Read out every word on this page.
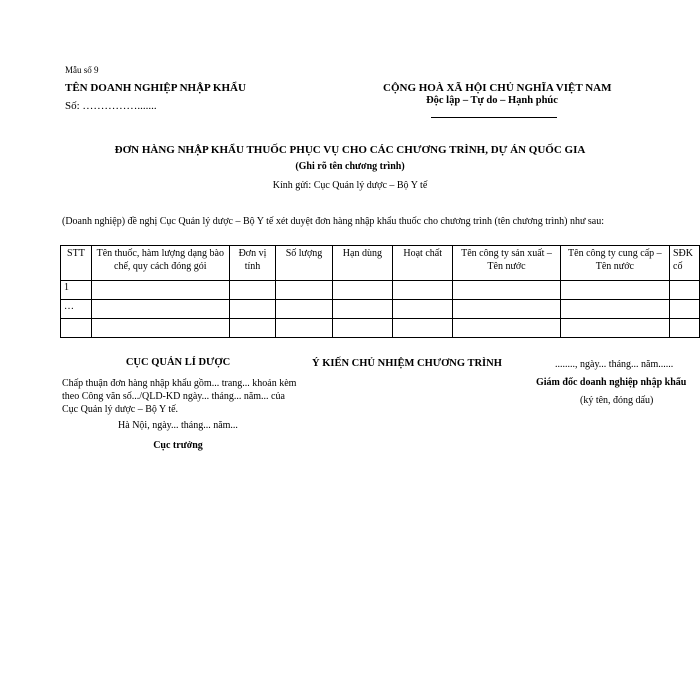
Mẫu số 9
TÊN DOANH NGHIỆP NHẬP KHẨU
Số: …………….......
CỘNG HOÀ XÃ HỘI CHỦ NGHĨA VIỆT NAM
Độc lập – Tự do – Hạnh phúc
ĐƠN HÀNG NHẬP KHẨU THUỐC PHỤC VỤ CHO CÁC CHƯƠNG TRÌNH, DỰ ÁN QUỐC GIA
(Ghi rõ tên chương trình)
Kính gửi: Cục Quản lý dược – Bộ Y tế
(Doanh nghiệp) đề nghị Cục Quản lý dược – Bộ Y tế xét duyệt đơn hàng nhập khẩu thuốc cho chương trình (tên chương trình) như sau:
STT	Tên thuốc, hàm lượng dạng bào chế, quy cách đóng gói	Đơn vị tính	Số lượng	Hạn dùng	Hoạt chất	Tên công ty sản xuất – Tên nước	Tên công ty cung cấp – Tên nước	SĐK cố
1								
…								

CỤC QUẢN LÍ DƯỢC
Chấp thuận đơn hàng nhập khẩu gồm... trang... khoản kèm theo Công văn số.../QLD-KD ngày... tháng... năm... của Cục Quản lý dược – Bộ Y tế.
Hà Nội, ngày... tháng... năm...
Cục trưởng
Ý KIẾN CHỦ NHIỆM CHƯƠNG TRÌNH	........, ngày... tháng... năm......
Giám đốc doanh nghiệp nhập khẩu
(ký tên, đóng dấu)
